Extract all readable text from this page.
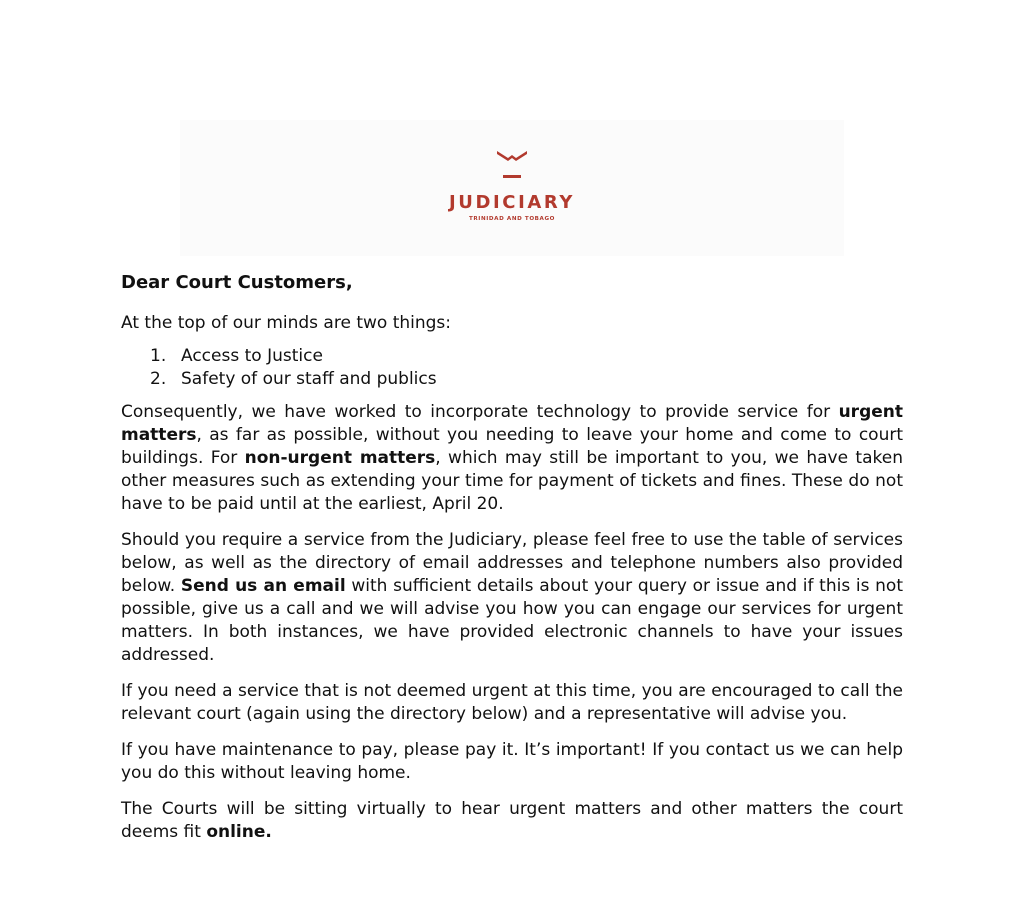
JUDICIARY
TRINIDAD AND TOBAGO
Dear Court Customers,
At the top of our minds are two things:
1. Access to Justice
2. Safety of our staff and publics

Consequently, we have worked to incorporate technology to provide service for urgent matters, as far as possible, without you needing to leave your home and come to court buildings. For non-urgent matters, which may still be important to you, we have taken other measures such as extending your time for payment of tickets and fines. These do not have to be paid until at the earliest, April 20.

Should you require a service from the Judiciary, please feel free to use the table of services below, as well as the directory of email addresses and telephone numbers also provided below. Send us an email with sufficient details about your query or issue and if this is not possible, give us a call and we will advise you how you can engage our services for urgent matters. In both instances, we have provided electronic channels to have your issues addressed.

If you need a service that is not deemed urgent at this time, you are encouraged to call the relevant court (again using the directory below) and a representative will advise you.

If you have maintenance to pay, please pay it. It’s important! If you contact us we can help you do this without leaving home.

The Courts will be sitting virtually to hear urgent matters and other matters the court deems fit online.
